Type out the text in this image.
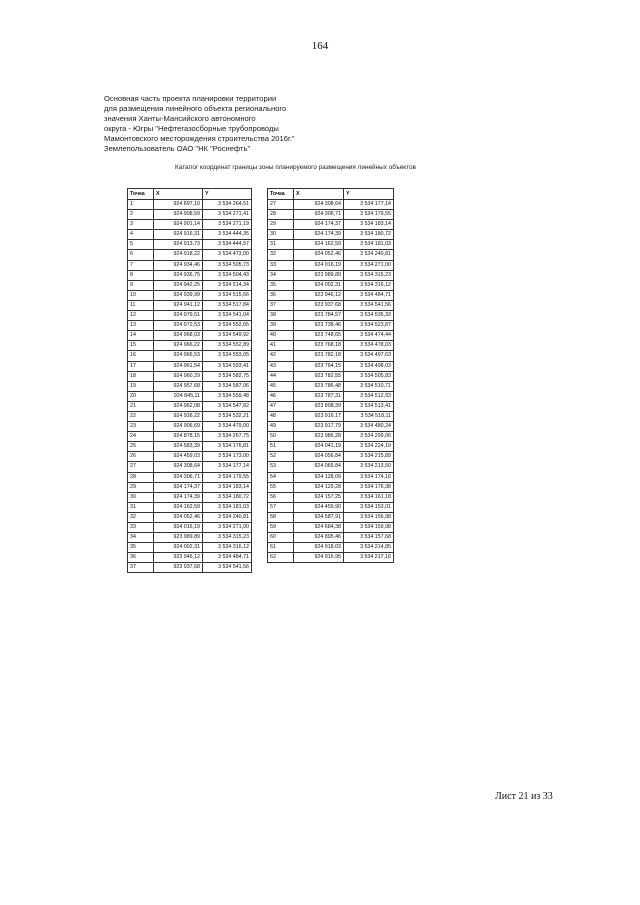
164
Основная часть проекта планировки территории
для размещения линейного объекта регионального
значения Ханты-Мансийского автономного
округа - Югры "Нефтегазосборные трубопроводы
Мамонтовского месторождения строительства 2016г."
Землепользователь ОАО "НК "Роснефть"
Каталог координат границы зоны планируемого размещения линейных объектов
Точка	X	Y
1	924 897,10	3 534 264,51
2	924 908,59	3 534 271,41
3	924 901,14	3 534 271,19
4	924 916,31	3 534 444,35
5	924 913,73	3 534 444,57
6	924 918,22	3 534 473,00
7	924 934,46	3 534 505,73
8	924 936,75	3 534 504,43
9	924 942,25	3 534 514,34
10	924 939,99	3 534 515,66
11	924 941,12	3 534 517,84
12	924 979,51	3 534 541,04
13	924 972,53	3 534 552,65
14	924 968,03	3 534 549,92
15	924 966,22	3 534 552,89
16	924 966,53	3 534 553,05
17	924 961,54	3 534 593,41
18	924 960,29	3 534 582,75
19	924 957,68	3 534 587,06
20	924 845,11	3 534 559,48
21	924 962,08	3 534 547,82
22	924 926,22	3 534 532,21
23	924 906,69	3 534 479,00
24	924 878,15	3 534 267,75
25	924 583,39	3 534 176,81
26	924 459,03	3 534 173,00
27	924 308,64	3 534 177,14
28	924 306,71	3 534 179,55
29	924 174,37	3 534 183,14
30	924 174,39	3 534 180,72
31	924 162,59	3 534 181,03
32	924 052,46	3 534 240,81
33	924 016,19	3 534 271,00
34	923 989,89	3 534 315,23
35	924 002,31	3 534 316,12
36	923 946,12	3 534 484,71
37	923 937,68	3 534 541,56
Точка	X	Y
27	924 308,64	3 534 177,14
28	924 306,71	3 534 179,55
29	924 174,37	3 534 183,14
30	924 174,39	3 534 180,72
31	924 162,59	3 534 181,03
32	924 052,46	3 534 240,81
33	924 016,19	3 534 271,00
34	923 989,89	3 534 315,23
35	924 002,31	3 534 316,12
36	923 946,12	3 534 484,71
37	923 937,68	3 534 541,56
38	923 784,57	3 534 535,33
39	923 738,46	3 534 523,87
40	923 748,65	3 534 474,44
41	923 768,18	3 534 478,03
42	923 782,18	3 534 497,63
43	923 764,15	3 534 498,03
44	923 782,55	3 534 505,83
45	923 786,48	3 534 510,71
46	923 787,31	3 534 512,93
47	923 808,39	3 534 513,41
48	923 916,17	3 534 518,11
49	923 917,79	3 534 480,24
50	923 986,28	3 534 299,06
51	924 041,19	3 534 224,19
52	924 056,84	3 534 215,89
53	924 065,84	3 534 213,50
54	924 128,09	3 534 174,16
55	924 129,28	3 534 176,38
56	924 157,25	3 534 161,18
57	924 459,90	3 534 153,01
58	924 587,91	3 534 156,98
59	924 684,38	3 534 159,98
60	924 895,46	3 534 157,68
61	924 918,03	3 534 214,85
62	924 916,95	3 534 217,16
Лист 21 из 33
